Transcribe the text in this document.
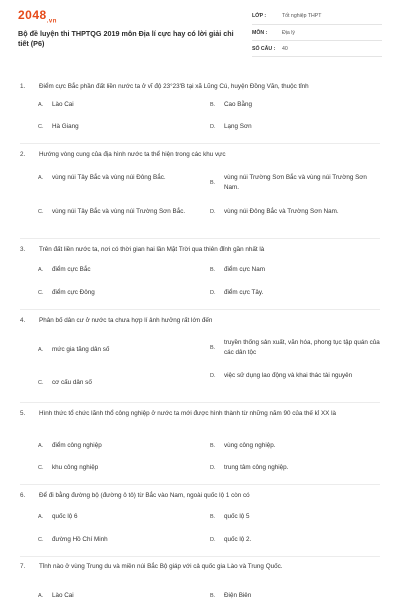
$2048_{.vn}$
Bộ đề luyện thi THPTQG 2019 môn Địa lí cực hay có lời giải chi tiết (P6)
LỚP :	Tốt nghiệp THPT
MÔN :	Địa lý
SỐ CÂU :	40
1.	Điểm cực Bắc phần đất liền nước ta ở vĩ độ 23°23'B tại xã Lũng Cú, huyện Đồng Văn, thuộc tỉnh
A.	Lào Cai	B.	Cao Bằng
C.	Hà Giang	D.	Lạng Sơn
2.	Hướng vòng cung của địa hình nước ta thể hiện trong các khu vực
A.	vùng núi Tây Bắc và vùng núi Đông Bắc.
B.
vùng núi Trường Sơn Bắc và vùng núi Trường Sơn Nam.
C.	vùng núi Tây Bắc và vùng núi Trường Sơn Bắc.	D.	vùng núi Đông Bắc và Trường Sơn Nam.
3.	Trên đất liền nước ta, nơi có thời gian hai lần Mặt Trời qua thiên đỉnh gần nhất là
A.	điểm cực Bắc	B.	điểm cực Nam
C.	điểm cực Đông	D.	điểm cực Tây.
4.	Phân bố dân cư ở nước ta chưa hợp lí ảnh hưởng rất lớn đến
A.	mức gia tăng dân số	B.
truyền thống sản xuất, văn hóa, phong tục tập quán của các dân tộc
C.	cơ cấu dân số
D.	việc sử dụng lao động và khai thác tài nguyên
5.	Hình thức tổ chức lãnh thổ công nghiệp ở nước ta mới được hình thành từ những năm 90 của thế kỉ XX là
A.	điểm công nghiệp	B.	vùng công nghiệp.
C.	khu công nghiệp	D.	trung tâm công nghiệp.
6.	Để đi bằng đường bộ (đường ô tô) từ Bắc vào Nam, ngoài quốc lộ 1 còn có
A.	quốc lộ 6	B.	quốc lộ 5
C.	đường Hồ Chí Minh	D.	quốc lộ 2.
7.	Tỉnh nào ở vùng Trung du và miền núi Bắc Bộ giáp với cả quốc gia Lào và Trung Quốc.
A.	Lào Cai	B.	Điện Biên
